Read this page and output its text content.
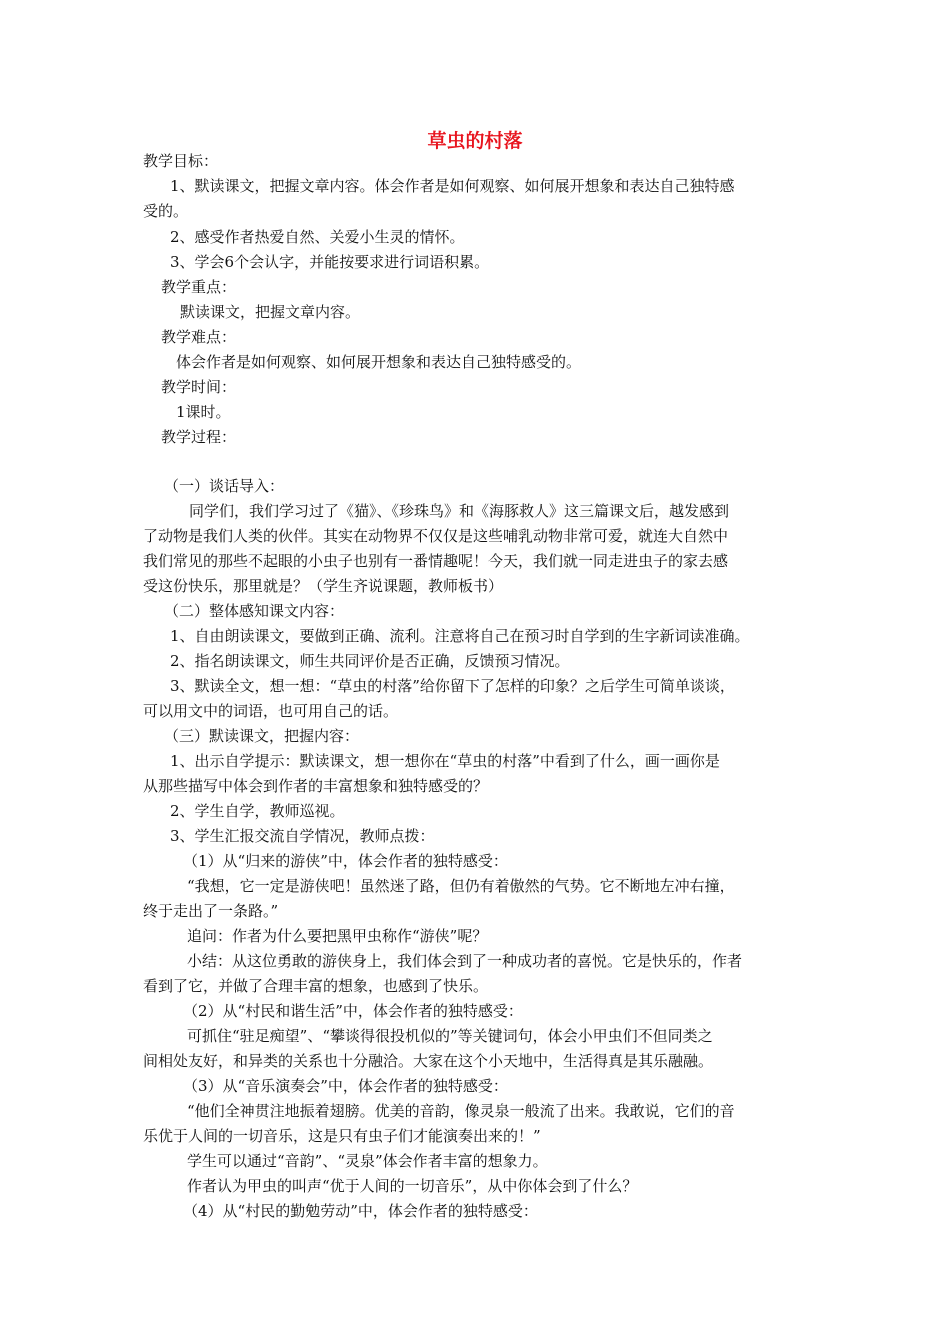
草虫的村落
教学目标：
1、默读课文，把握文章内容。体会作者是如何观察、如何展开想象和表达自己独特感
受的。
2、感受作者热爱自然、关爱小生灵的情怀。
3、学会6个会认字，并能按要求进行词语积累。
教学重点：
默读课文，把握文章内容。
教学难点：
体会作者是如何观察、如何展开想象和表达自己独特感受的。
教学时间：
1课时。
教学过程：
（一）谈话导入：
同学们，我们学习过了《猫》、《珍珠鸟》和《海豚救人》这三篇课文后，越发感到
了动物是我们人类的伙伴。其实在动物界不仅仅是这些哺乳动物非常可爱，就连大自然中
我们常见的那些不起眼的小虫子也别有一番情趣呢！今天，我们就一同走进虫子的家去感
受这份快乐，那里就是？（学生齐说课题，教师板书）
（二）整体感知课文内容：
1、自由朗读课文，要做到正确、流利。注意将自己在预习时自学到的生字新词读准确。
2、指名朗读课文，师生共同评价是否正确，反馈预习情况。
3、默读全文，想一想：“草虫的村落”给你留下了怎样的印象？之后学生可简单谈谈，
可以用文中的词语，也可用自己的话。
（三）默读课文，把握内容：
1、出示自学提示：默读课文，想一想你在“草虫的村落”中看到了什么，画一画你是
从那些描写中体会到作者的丰富想象和独特感受的？
2、学生自学，教师巡视。
3、学生汇报交流自学情况，教师点拨：
（1）从“归来的游侠”中，体会作者的独特感受：
“我想，它一定是游侠吧！虽然迷了路，但仍有着傲然的气势。它不断地左冲右撞，
终于走出了一条路。”
追问：作者为什么要把黑甲虫称作“游侠”呢？
小结：从这位勇敢的游侠身上，我们体会到了一种成功者的喜悦。它是快乐的，作者
看到了它，并做了合理丰富的想象，也感到了快乐。
（2）从“村民和谐生活”中，体会作者的独特感受：
可抓住“驻足痴望”、“攀谈得很投机似的”等关键词句，体会小甲虫们不但同类之
间相处友好，和异类的关系也十分融洽。大家在这个小天地中，生活得真是其乐融融。
（3）从“音乐演奏会”中，体会作者的独特感受：
“他们全神贯注地振着翅膀。优美的音韵，像灵泉一般流了出来。我敢说，它们的音
乐优于人间的一切音乐，这是只有虫子们才能演奏出来的！”
学生可以通过“音韵”、“灵泉”体会作者丰富的想象力。
作者认为甲虫的叫声“优于人间的一切音乐”，从中你体会到了什么？
（4）从“村民的勤勉劳动”中，体会作者的独特感受：
